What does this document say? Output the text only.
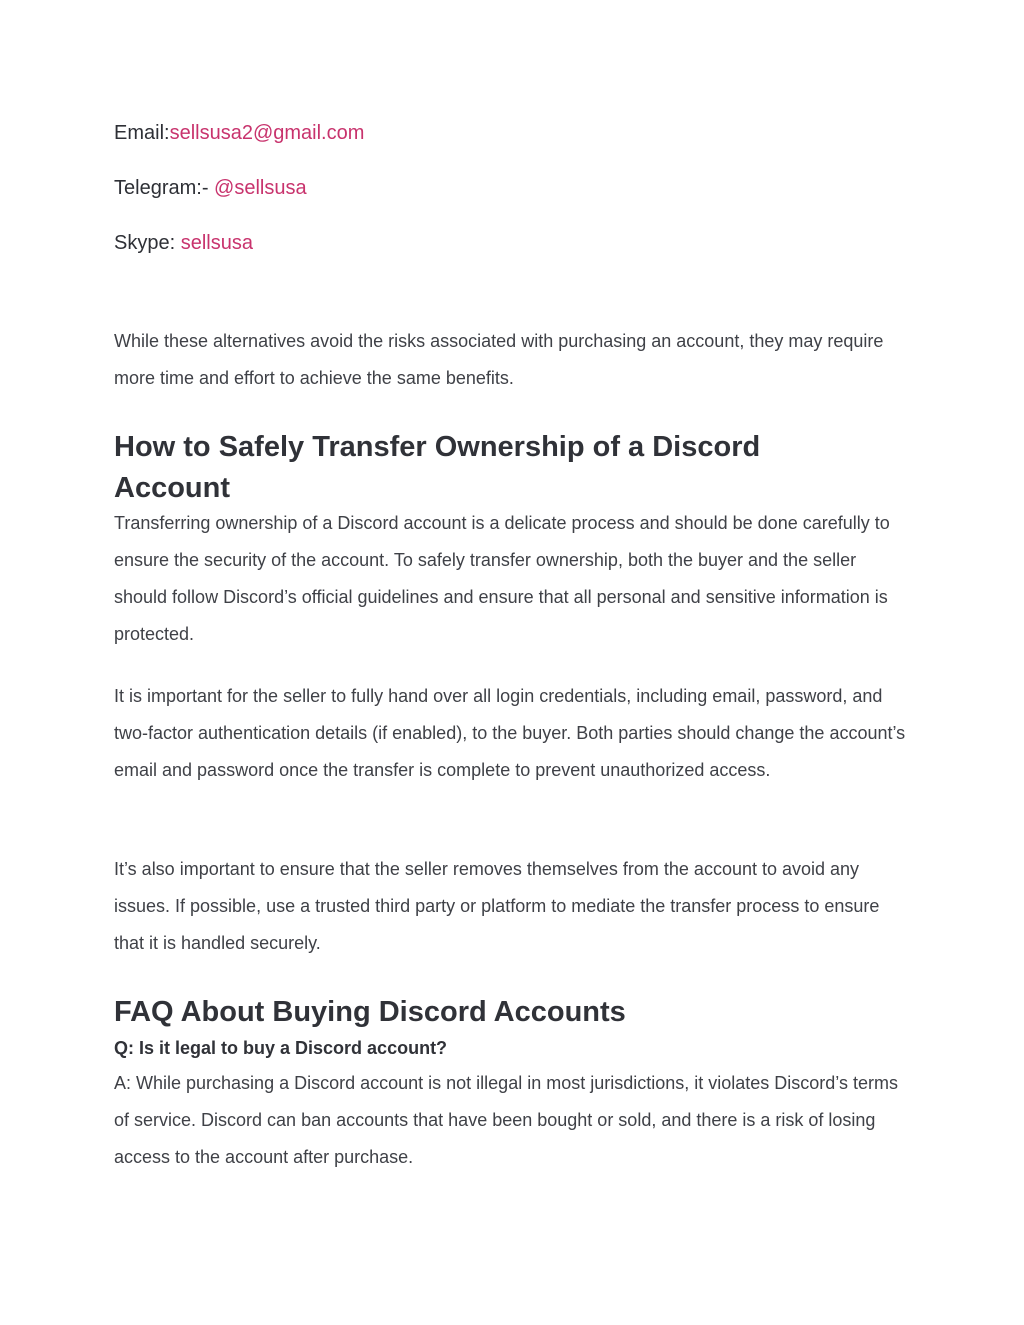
Email:sellsusa2@gmail.com
Telegram:- @sellsusa
Skype: sellsusa
While these alternatives avoid the risks associated with purchasing an account, they may require more time and effort to achieve the same benefits.
How to Safely Transfer Ownership of a Discord Account
Transferring ownership of a Discord account is a delicate process and should be done carefully to ensure the security of the account. To safely transfer ownership, both the buyer and the seller should follow Discord’s official guidelines and ensure that all personal and sensitive information is protected.
It is important for the seller to fully hand over all login credentials, including email, password, and two-factor authentication details (if enabled), to the buyer. Both parties should change the account’s email and password once the transfer is complete to prevent unauthorized access.
It’s also important to ensure that the seller removes themselves from the account to avoid any issues. If possible, use a trusted third party or platform to mediate the transfer process to ensure that it is handled securely.
FAQ About Buying Discord Accounts
Q: Is it legal to buy a Discord account?
A: While purchasing a Discord account is not illegal in most jurisdictions, it violates Discord’s terms of service. Discord can ban accounts that have been bought or sold, and there is a risk of losing access to the account after purchase.
